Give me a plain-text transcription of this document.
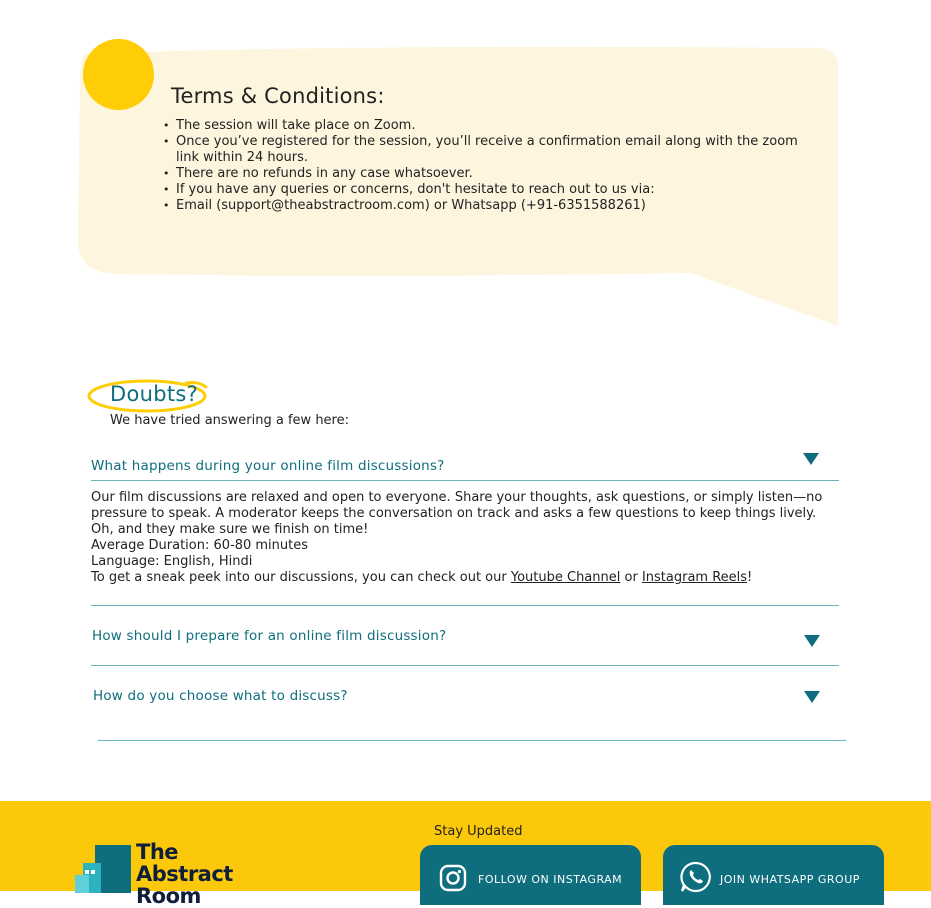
Terms & Conditions:
• The session will take place on Zoom.
• Once you’ve registered for the session, you’ll receive a confirmation email along with the zoom link within 24 hours.
• There are no refunds in any case whatsoever.
• If you have any queries or concerns, don't hesitate to reach out to us via:
• Email (support@theabstractroom.com) or Whatsapp (+91-6351588261)
Doubts?
We have tried answering a few here:
What happens during your online film discussions?

Our film discussions are relaxed and open to everyone. Share your thoughts, ask questions, or simply listen—no pressure to speak. A moderator keeps the conversation on track and asks a few questions to keep things lively. Oh, and they make sure we finish on time!

Average Duration: 60-80 minutes

Language: English, Hindi

To get a sneak peek into our discussions, you can check out our Youtube Channel or Instagram Reels!

How should I prepare for an online film discussion?
How do you choose what to discuss?
The
Abstract
Room
Stay Updated
FOLLOW ON INSTAGRAM	JOIN WHATSAPP GROUP
